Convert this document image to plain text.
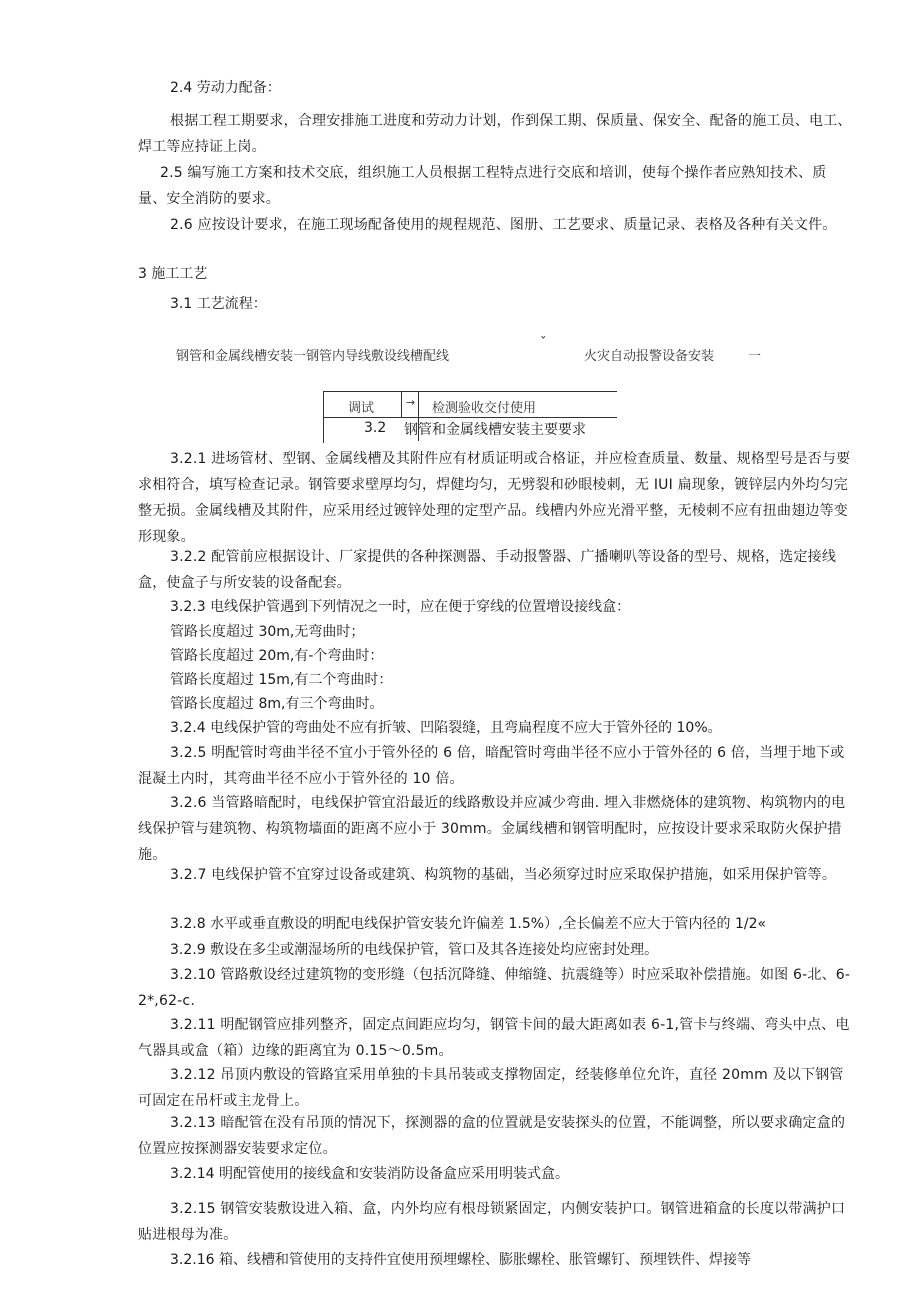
2.4 劳动力配备：
根据工程工期要求，合理安排施工进度和劳动力计划，作到保工期、保质量、保安全、配备的施工员、电工、焊工等应持证上岗。
2.5 编写施工方案和技术交底，组织施工人员根据工程特点进行交底和培训，使每个操作者应熟知技术、质量、安全消防的要求。
2.6 应按设计要求，在施工现场配备使用的规程规范、图册、工艺要求、质量记录、表格及各种有关文件。
3 施工工艺
3.1 工艺流程：
钢管和金属线槽安装一钢管内导线敷设线槽配线
ˇ
火灾自动报警设备安装	一
调试	→ 检测验收交付使用
3.2 钢管和金属线槽安装主要要求
3.2.1 进场管材、型钢、金属线槽及其附件应有材质证明或合格证，并应检查质量、数量、规格型号是否与要求相符合，填写检查记录。钢管要求壁厚均匀，焊健均匀，无劈裂和砂眼棱刺，无 IUI 扁现象，镀锌层内外均匀完整无损。金属线槽及其附件，应采用经过镀锌处理的定型产品。线槽内外应光滑平整，无棱刺不应有扭曲翅边等变形现象。
3.2.2 配管前应根据设计、厂家提供的各种探测器、手动报警器、广播喇叭等设备的型号、规格，选定接线盒，使盒子与所安装的设备配套。
3.2.3 电线保护管遇到下列情况之一时，应在便于穿线的位置增设接线盒：
管路长度超过 30m,无弯曲时；
管路长度超过 20m,有-个弯曲时：
管路长度超过 15m,有二个弯曲时：
管路长度超过 8m,有三个弯曲时。
3.2.4 电线保护管的弯曲处不应有折皱、凹陷裂缝，且弯扁程度不应大于管外径的 10%。
3.2.5 明配管时弯曲半径不宜小于管外径的 6 倍，暗配管时弯曲半径不应小于管外径的 6 倍，当埋于地下或混凝土内时，其弯曲半径不应小于管外径的 10 倍。
3.2.6 当管路暗配时，电线保护管宜沿最近的线路敷设并应减少弯曲. 埋入非燃烧体的建筑物、构筑物内的电线保护管与建筑物、构筑物墙面的距离不应小于 30mm。金属线槽和钢管明配时，应按设计要求采取防火保护措施。
3.2.7 电线保护管不宜穿过设备或建筑、构筑物的基础，当必须穿过时应采取保护措施，如采用保护管等。
3.2.8 水平或垂直敷设的明配电线保护管安装允许偏差 1.5%）,全长偏差不应大于管内径的 1/2«
3.2.9 敷设在多尘或潮湿场所的电线保护管，管口及其各连接处均应密封处理。
3.2.10 管路敷设经过建筑物的变形缝（包括沉降缝、伸缩缝、抗震缝等）时应采取补偿措施。如图 6-北、6-2*,62-c.
3.2.11 明配钢管应排列整齐，固定点间距应均匀，钢管卡间的最大距离如表 6-1,管卡与终端、弯头中点、电气器具或盒（箱）边缘的距离宜为 0.15～0.5m。
3.2.12 吊顶内敷设的管路宜采用单独的卡具吊装或支撑物固定，经装修单位允许，直径 20mm 及以下钢管可固定在吊杆或主龙骨上。
3.2.13 暗配管在没有吊顶的情况下，探测器的盒的位置就是安装探头的位置，不能调整，所以要求确定盒的位置应按探测器安装要求定位。
3.2.14 明配管使用的接线盒和安装消防设备盒应采用明装式盒。
3.2.15 钢管安装敷设进入箱、盒，内外均应有根母锁紧固定，内侧安装护口。钢管进箱盒的长度以带满护口贴进根母为准。
3.2.16 箱、线槽和管使用的支持件宜使用预埋螺栓、膨胀螺栓、胀管螺钉、预埋铁件、焊接等
